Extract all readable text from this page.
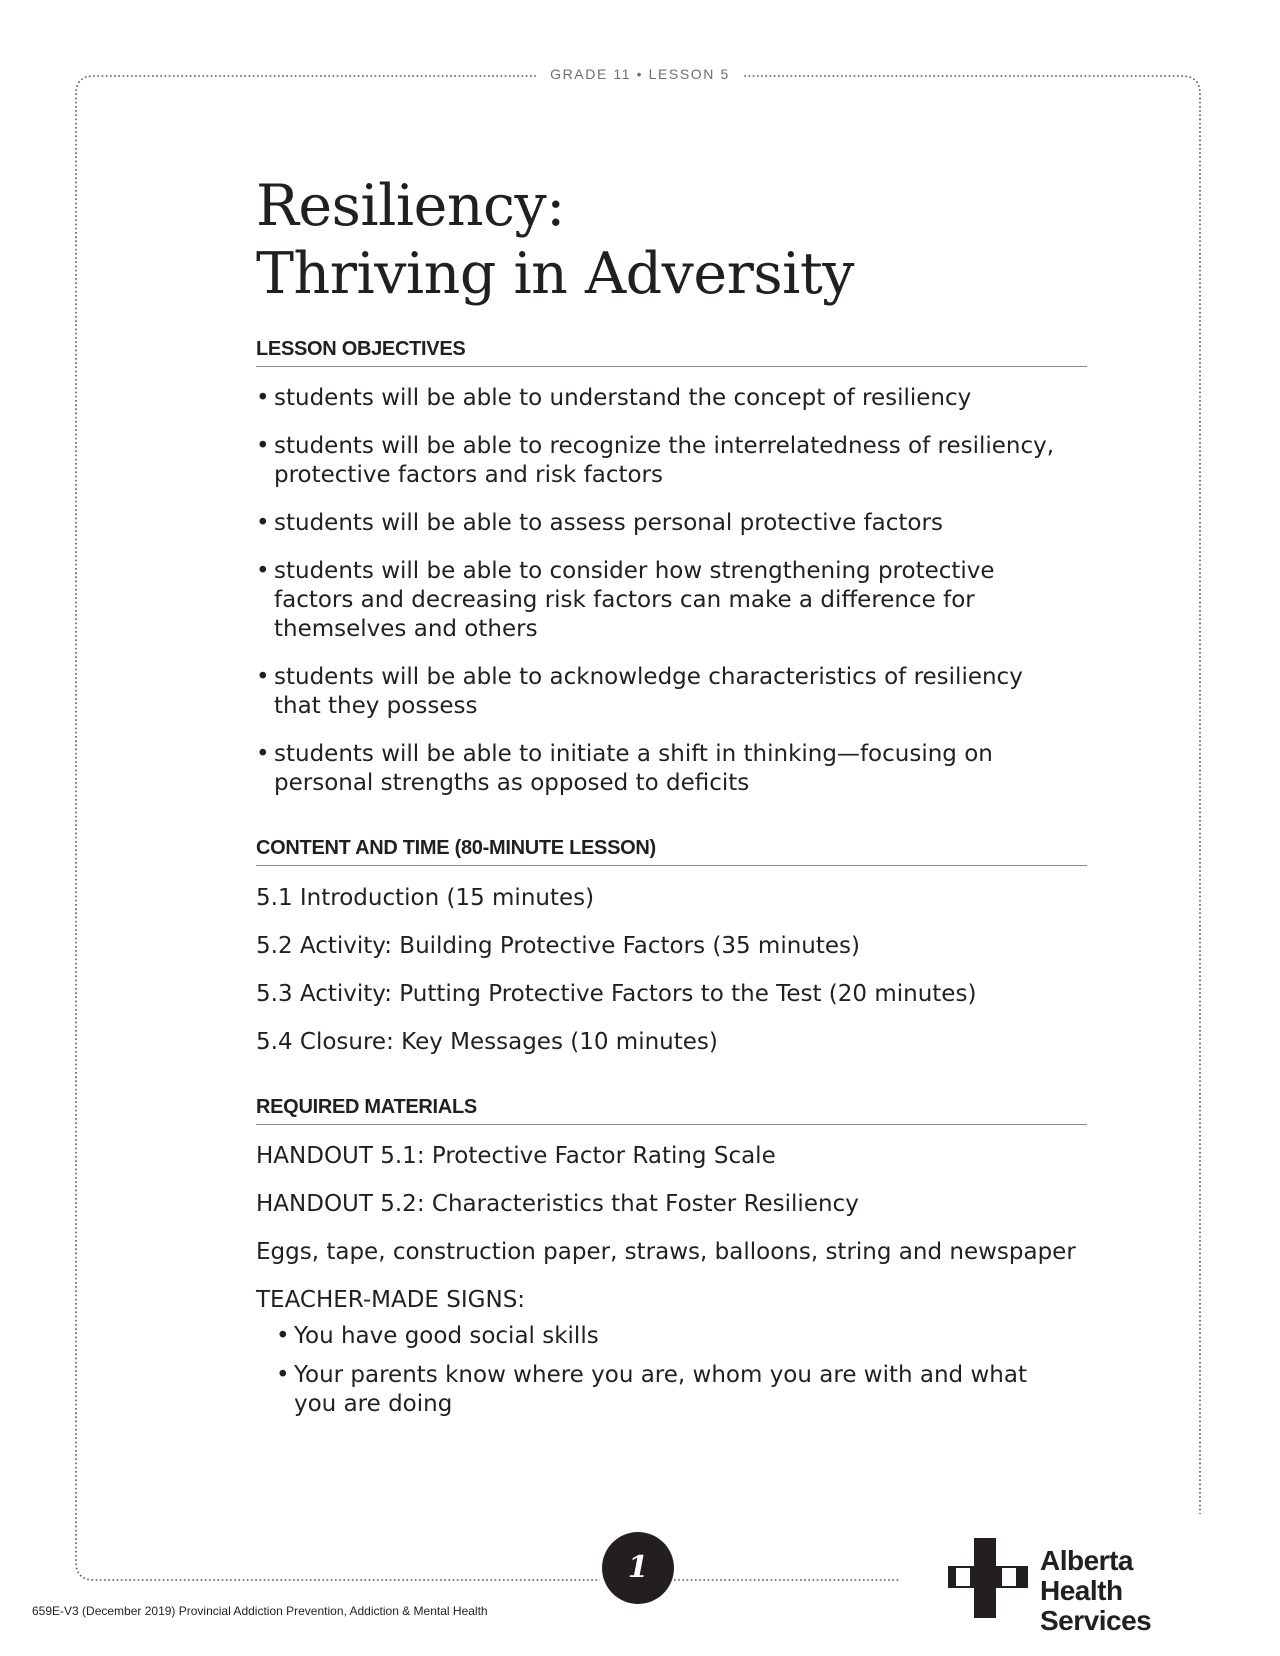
GRADE 11 • LESSON 5
Resiliency:
Thriving in Adversity
LESSON OBJECTIVES
• students will be able to understand the concept of resiliency
• students will be able to recognize the interrelatedness of resiliency,
protective factors and risk factors
• students will be able to assess personal protective factors
• students will be able to consider how strengthening protective
factors and decreasing risk factors can make a difference for
themselves and others
• students will be able to acknowledge characteristics of resiliency
that they possess
• students will be able to initiate a shift in thinking—focusing on
personal strengths as opposed to deficits
CONTENT AND TIME (80-MINUTE LESSON)
5.1 Introduction (15 minutes)
5.2 Activity: Building Protective Factors (35 minutes)
5.3 Activity: Putting Protective Factors to the Test (20 minutes)
5.4 Closure: Key Messages (10 minutes)
REQUIRED MATERIALS
HANDOUT 5.1: Protective Factor Rating Scale
HANDOUT 5.2: Characteristics that Foster Resiliency
Eggs, tape, construction paper, straws, balloons, string and newspaper
TEACHER-MADE SIGNS:
• You have good social skills
• Your parents know where you are, whom you are with and what
you are doing
1
659E-V3 (December 2019) Provincial Addiction Prevention, Addiction & Mental Health
Alberta Health
Services
